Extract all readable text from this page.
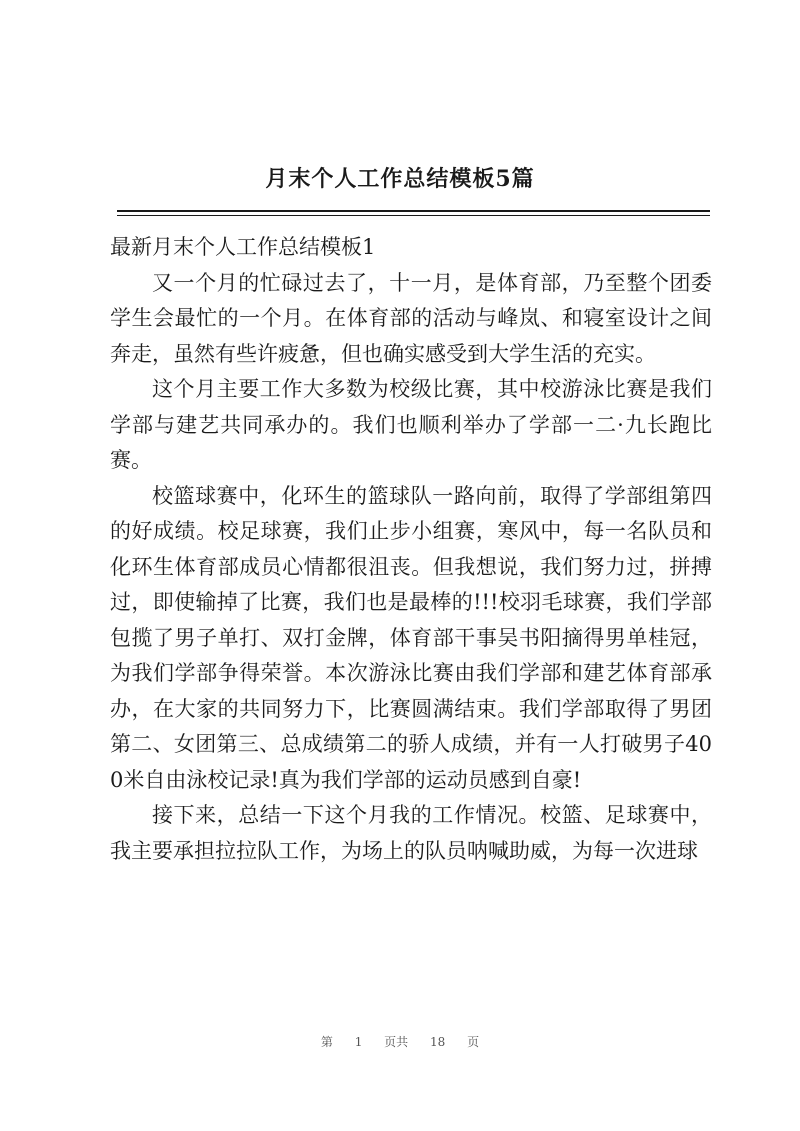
月末个人工作总结模板5篇

最新月末个人工作总结模板1

又一个月的忙碌过去了，十一月，是体育部，乃至整个团委学生会最忙的一个月。在体育部的活动与峰岚、和寝室设计之间奔走，虽然有些许疲惫，但也确实感受到大学生活的充实。

这个月主要工作大多数为校级比赛，其中校游泳比赛是我们学部与建艺共同承办的。我们也顺利举办了学部一二·九长跑比赛。

校篮球赛中，化环生的篮球队一路向前，取得了学部组第四的好成绩。校足球赛，我们止步小组赛，寒风中，每一名队员和化环生体育部成员心情都很沮丧。但我想说，我们努力过，拼搏过，即使输掉了比赛，我们也是最棒的!!!校羽毛球赛，我们学部包揽了男子单打、双打金牌，体育部干事吴书阳摘得男单桂冠，为我们学部争得荣誉。本次游泳比赛由我们学部和建艺体育部承办，在大家的共同努力下，比赛圆满结束。我们学部取得了男团第二、女团第三、总成绩第二的骄人成绩，并有一人打破男子400米自由泳校记录!真为我们学部的运动员感到自豪!

接下来，总结一下这个月我的工作情况。校篮、足球赛中，我主要承担拉拉队工作，为场上的队员呐喊助威，为每一次进球

第 1 页共 18 页
